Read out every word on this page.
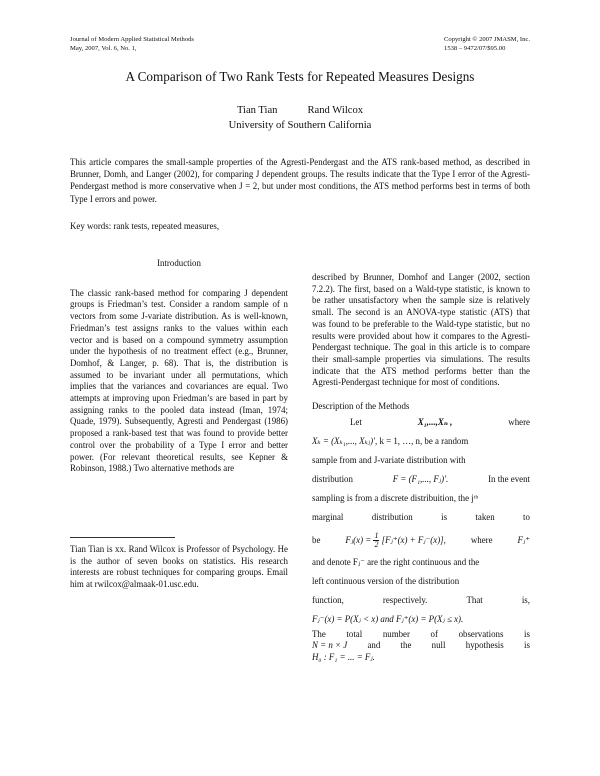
Journal of Modern Applied Statistical Methods
May, 2007, Vol. 6, No. 1,
Copyright © 2007 JMASM, Inc.
1538 – 9472/07/$95.00
A Comparison of Two Rank Tests for Repeated Measures Designs
Tian Tian	Rand Wilcox
University of Southern California
This article compares the small-sample properties of the Agresti-Pendergast and the ATS rank-based method, as described in Brunner, Domh, and Langer (2002), for comparing J dependent groups. The results indicate that the Type I error of the Agresti-Pendergast method is more conservative when J = 2, but under most conditions, the ATS method performs best in terms of both Type I errors and power.
Key words: rank tests, repeated measures,

Introduction

The classic rank-based method for comparing J dependent groups is Friedman’s test. Consider a random sample of n vectors from some J-variate distribution. As is well-known, Friedman’s test assigns ranks to the values within each vector and is based on a compound symmetry assumption under the hypothesis of no treatment effect (e.g., Brunner, Domhof, & Langer, p. 68). That is, the distribution is assumed to be invariant under all permutations, which implies that the variances and covariances are equal. Two attempts at improving upon Friedman’s are based in part by assigning ranks to the pooled data instead (Iman, 1974; Quade, 1979). Subsequently, Agresti and Pendergast (1986) proposed a rank-based test that was found to provide better control over the probability of a Type I error and better power. (For relevant theoretical results, see Kepner & Robinson, 1988.) Two alternative methods are

Tian Tian is xx. Rand Wilcox is Professor of Psychology. He is the author of seven books on statistics. His research interests are robust techniques for comparing groups. Email him at rwilcox@almaak-01.usc.edu.

described by Brunner, Domhof and Langer (2002, section 7.2.2). The first, based on a Wald-type statistic, is known to be rather unsatisfactory when the sample size is relatively small. The second is an ANOVA-type statistic (ATS) that was found to be preferable to the Wald-type statistic, but no results were provided about how it compares to the Agresti-Pendergast technique. The goal in this article is to compare their small-sample properties via simulations. The results indicate that the ATS method performs better than the Agresti-Pendergast technique for most of conditions.

Description of the Methods

Let	X₁,...,Xₙ ,	where
Xₖ = (Xₖ₁,..., Xₖⱼ)′, k = 1, …, n, be a random
sample from and J-variate distribution with
distribution	F = (F₁,..., Fⱼ)′.	In the event
sampling is from a discrete distribuition, the jᵗʰ
marginal	distribution	is	taken	to
be	Fⱼ(x) = $\frac{1}{2}$ [Fⱼ⁺(x) + Fⱼ⁻(x)],	where	Fⱼ⁺
and denote Fⱼ⁻ are the right continuous and the
left continuous version of the distribution
function,	respectively.	That	is,
Fⱼ⁻(x) = P(Xⱼ < x) and Fⱼ⁺(x) = P(Xⱼ ≤ x).
The total number of observations is
N = n × J and the null hypothesis is
H₀ : F₁ = ... = Fⱼ.
